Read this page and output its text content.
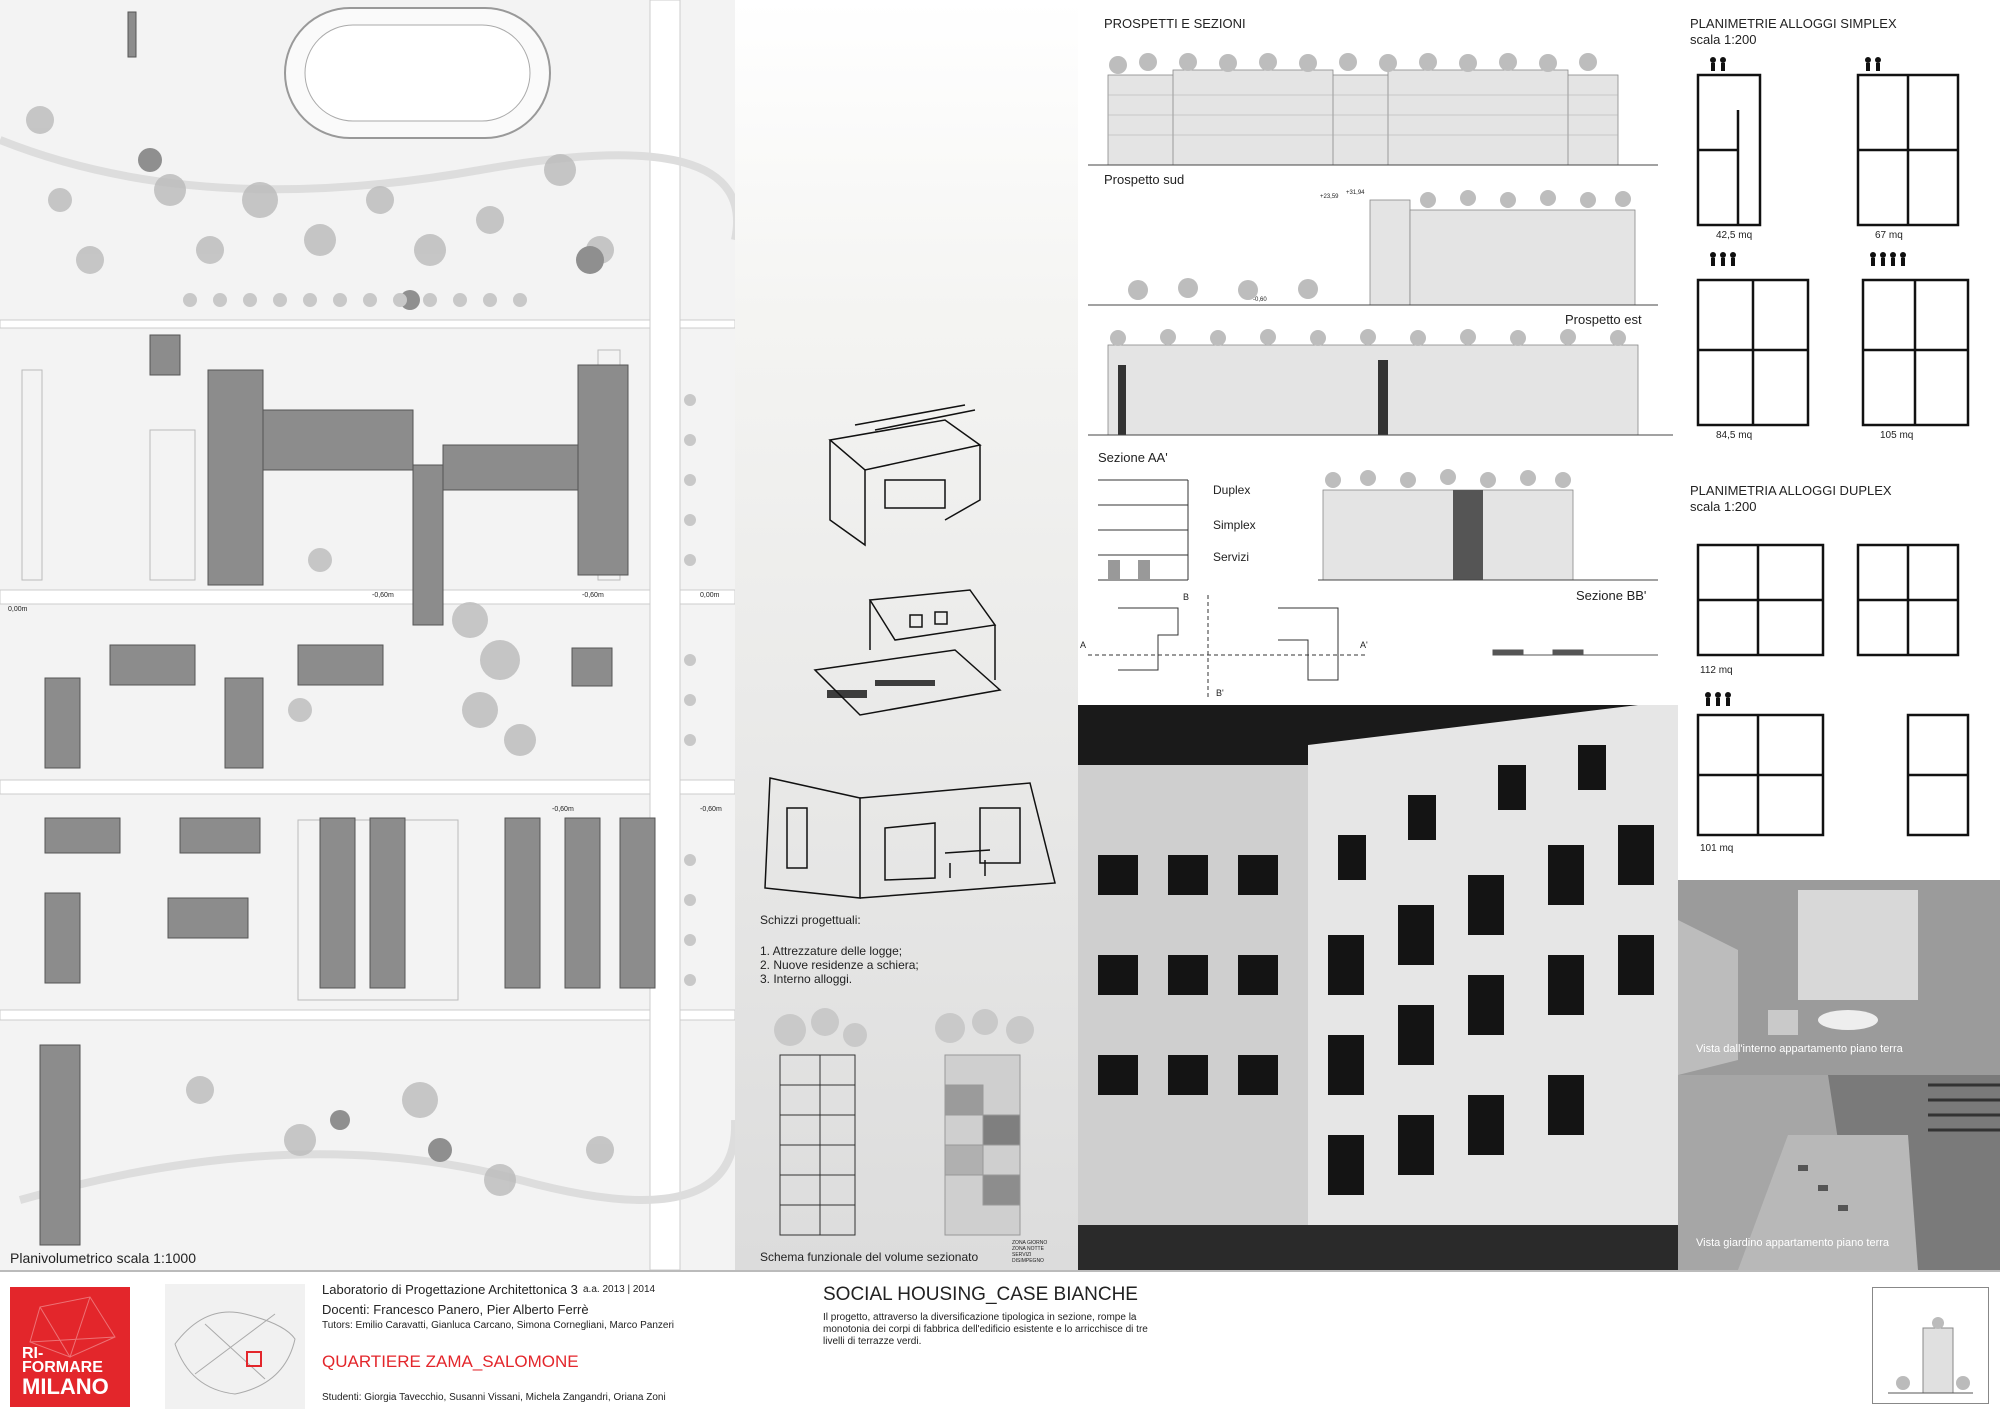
0,00m
-0,60m	-0,60m
-0,60m
0,00m
-0,60m
Planivolumetrico scala 1:1000
Schizzi progettuali:
1. Attrezzature delle logge;
2. Nuove residenze a schiera;
3. Interno alloggi.
Schema funzionale del volume sezionato
ZONA GIORNO
ZONA NOTTE
SERVIZI
DISIMPEGNO
PROSPETTI E SEZIONI
Prospetto sud
Prospetto est
Sezione AA'
Sezione BB'
Duplex
Simplex
Servizi
B
A	A'
B'
+23,59
+31,94
-0,60
PLANIMETRIE ALLOGGI SIMPLEX
scala 1:200
42,5 mq	67 mq
84,5 mq	105 mq
PLANIMETRIA ALLOGGI DUPLEX
scala 1:200
112 mq
101 mq
Vista dall'interno appartamento piano terra
Vista giardino appartamento piano terra
RI-
FORMARE
MILANO
Laboratorio di Progettazione Architettonica 3 a.a. 2013 | 2014
Docenti: Francesco Panero, Pier Alberto Ferrè
Tutors: Emilio Caravatti, Gianluca Carcano, Simona Cornegliani, Marco Panzeri
QUARTIERE ZAMA_SALOMONE
Studenti: Giorgia Tavecchio, Susanni Vissani, Michela Zangandri, Oriana Zoni
SOCIAL HOUSING_CASE BIANCHE
Il progetto, attraverso la diversificazione tipologica in sezione, rompe la monotonia dei corpi di fabbrica dell'edificio esistente e lo arricchisce di tre livelli di terrazze verdi.
